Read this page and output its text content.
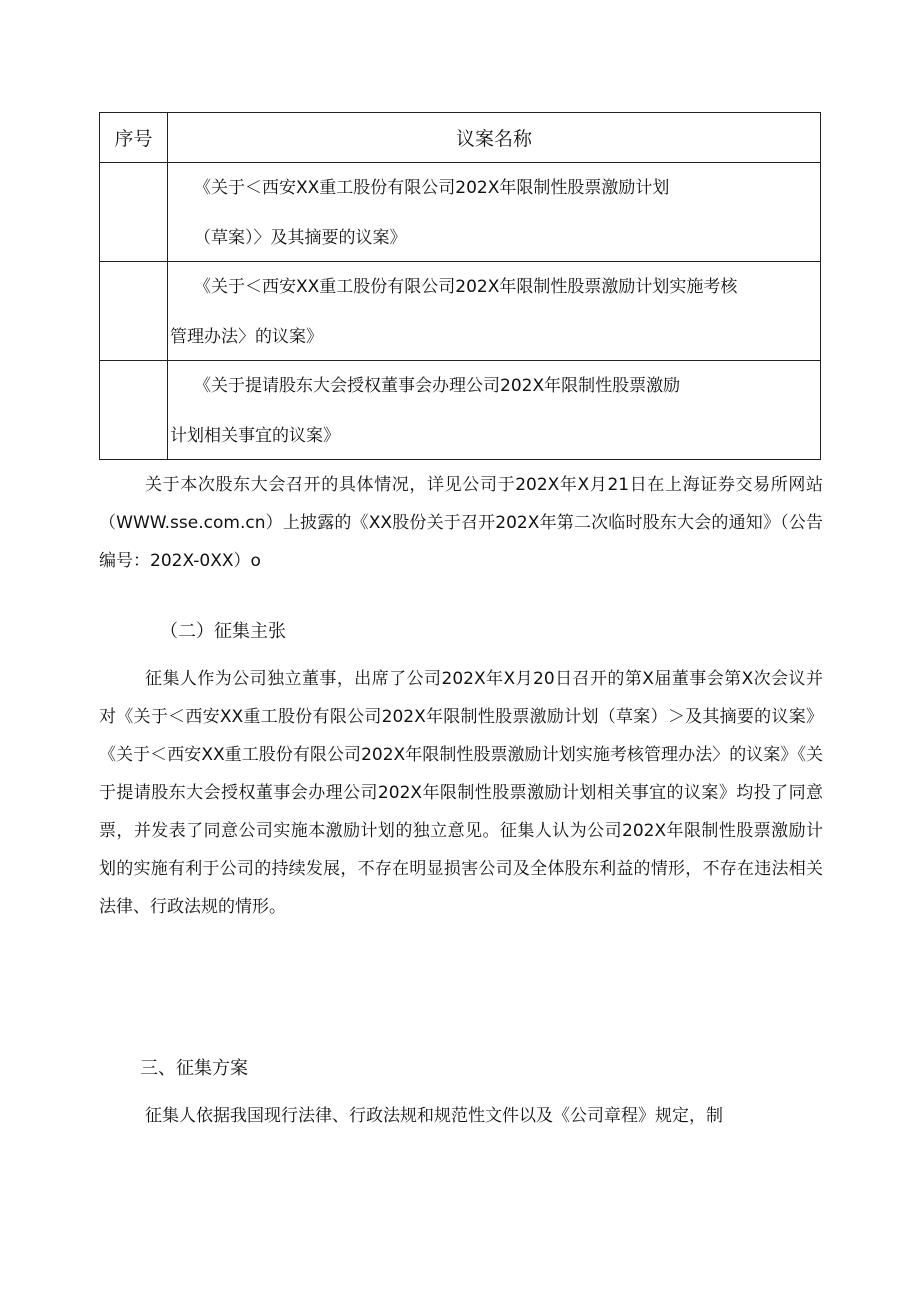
序号	议案名称

	《关于＜西安XX重工股份有限公司202X年限制性股票激励计划
（草案）〉及其摘要的议案》

	《关于＜西安XX重工股份有限公司202X年限制性股票激励计划实施考核
管理办法〉的议案》

	《关于提请股东大会授权董事会办理公司202X年限制性股票激励
计划相关事宜的议案》

关于本次股东大会召开的具体情况，详见公司于202X年X月21日在上海证券交易所网站（WWW.sse.com.cn）上披露的《XX股份关于召开202X年第二次临时股东大会的通知》（公告编号：202X-0XX）o

（二）征集主张

征集人作为公司独立董事，出席了公司202X年X月20日召开的第X届董事会第X次会议并对《关于＜西安XX重工股份有限公司202X年限制性股票激励计划（草案）＞及其摘要的议案》《关于＜西安XX重工股份有限公司202X年限制性股票激励计划实施考核管理办法〉的议案》《关于提请股东大会授权董事会办理公司202X年限制性股票激励计划相关事宜的议案》均投了同意票，并发表了同意公司实施本激励计划的独立意见。征集人认为公司202X年限制性股票激励计划的实施有利于公司的持续发展，不存在明显损害公司及全体股东利益的情形，不存在违法相关法律、行政法规的情形。

三、征集方案

征集人依据我国现行法律、行政法规和规范性文件以及《公司章程》规定，制
